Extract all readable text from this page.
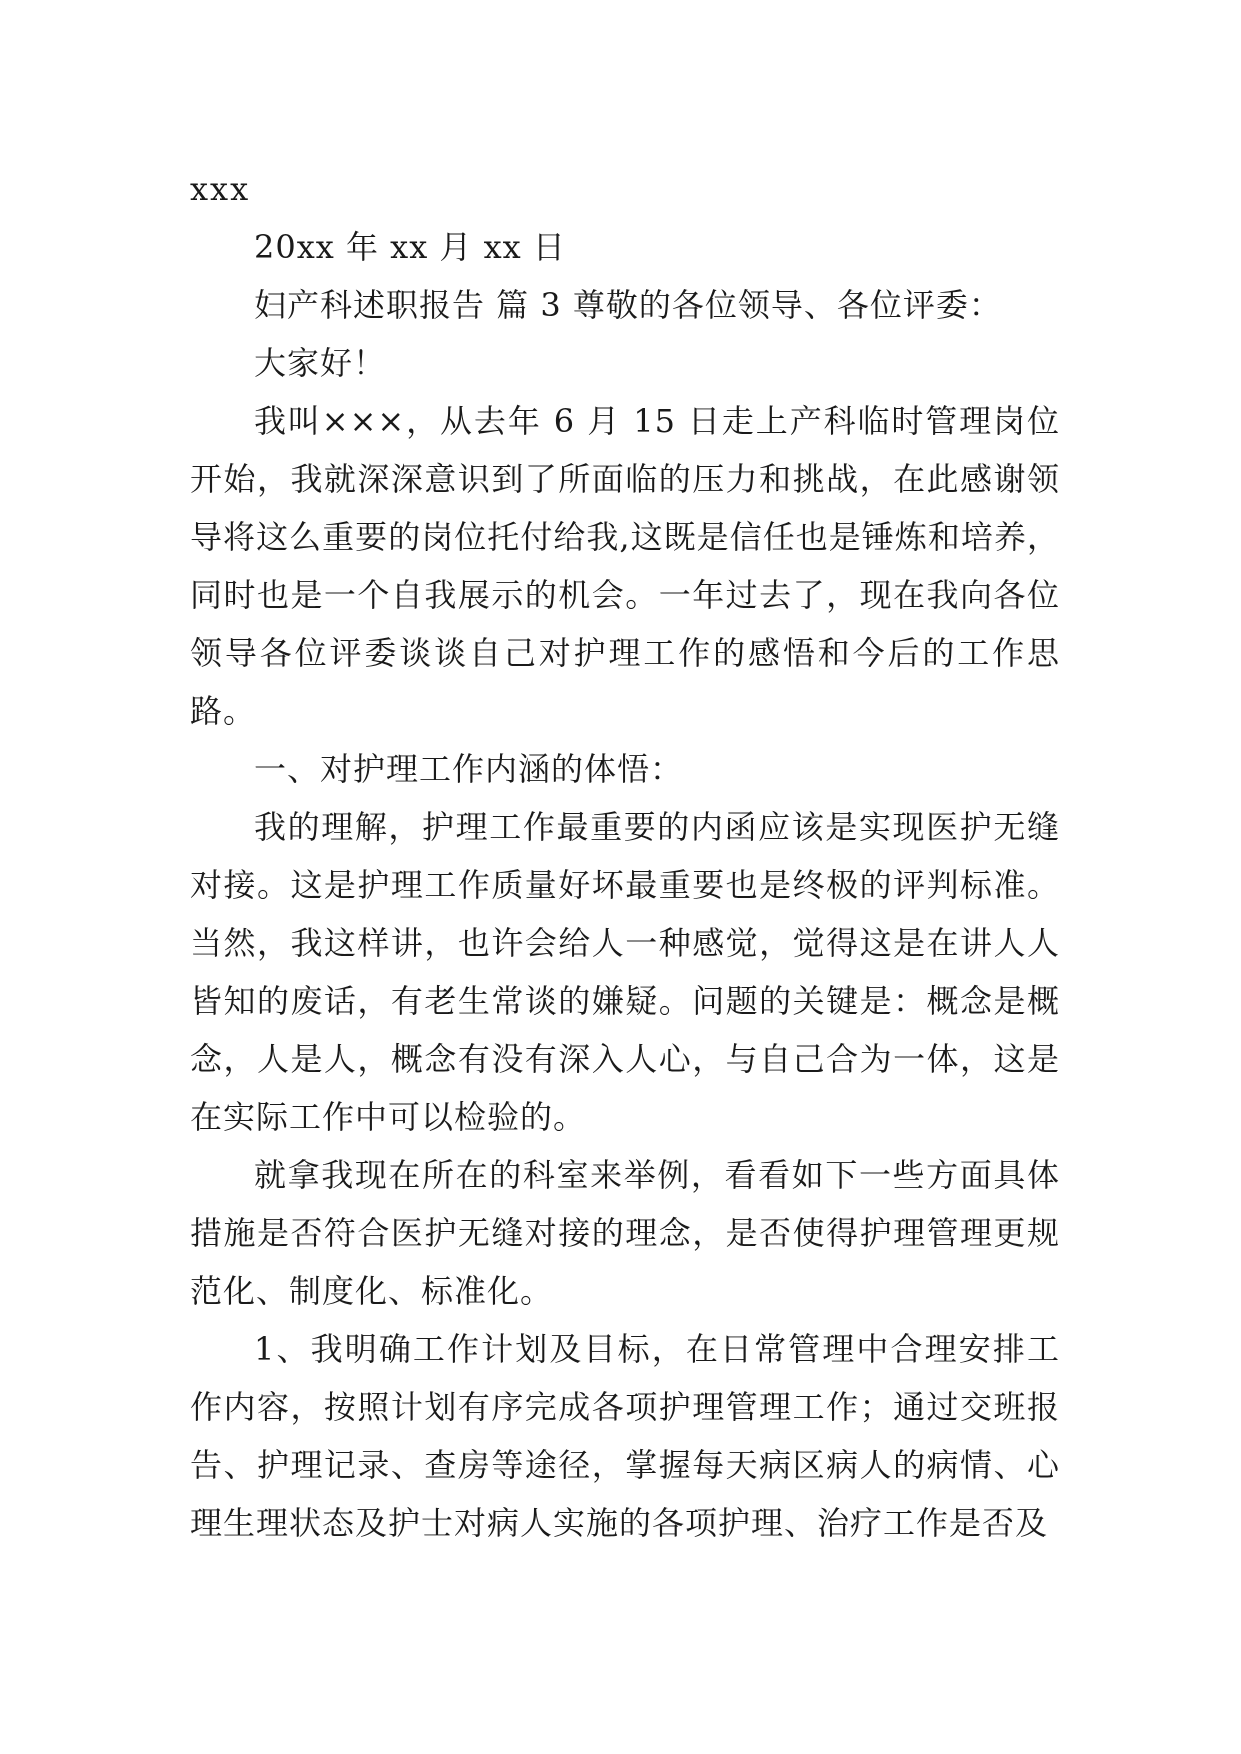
xxx

20xx 年 xx 月 xx 日

妇产科述职报告 篇 3 尊敬的各位领导、各位评委：

大家好！

我叫×××，从去年 6 月 15 日走上产科临时管理岗位开始，我就深深意识到了所面临的压力和挑战，在此感谢领导将这么重要的岗位托付给我,这既是信任也是锤炼和培养，同时也是一个自我展示的机会。一年过去了，现在我向各位领导各位评委谈谈自己对护理工作的感悟和今后的工作思路。

一、对护理工作内涵的体悟：

我的理解，护理工作最重要的内函应该是实现医护无缝对接。这是护理工作质量好坏最重要也是终极的评判标准。当然，我这样讲，也许会给人一种感觉，觉得这是在讲人人皆知的废话，有老生常谈的嫌疑。问题的关键是：概念是概念，人是人，概念有没有深入人心，与自己合为一体，这是在实际工作中可以检验的。

就拿我现在所在的科室来举例，看看如下一些方面具体措施是否符合医护无缝对接的理念，是否使得护理管理更规范化、制度化、标准化。

1、我明确工作计划及目标，在日常管理中合理安排工作内容，按照计划有序完成各项护理管理工作；通过交班报告、护理记录、查房等途径，掌握每天病区病人的病情、心理生理状态及护士对病人实施的各项护理、治疗工作是否及
